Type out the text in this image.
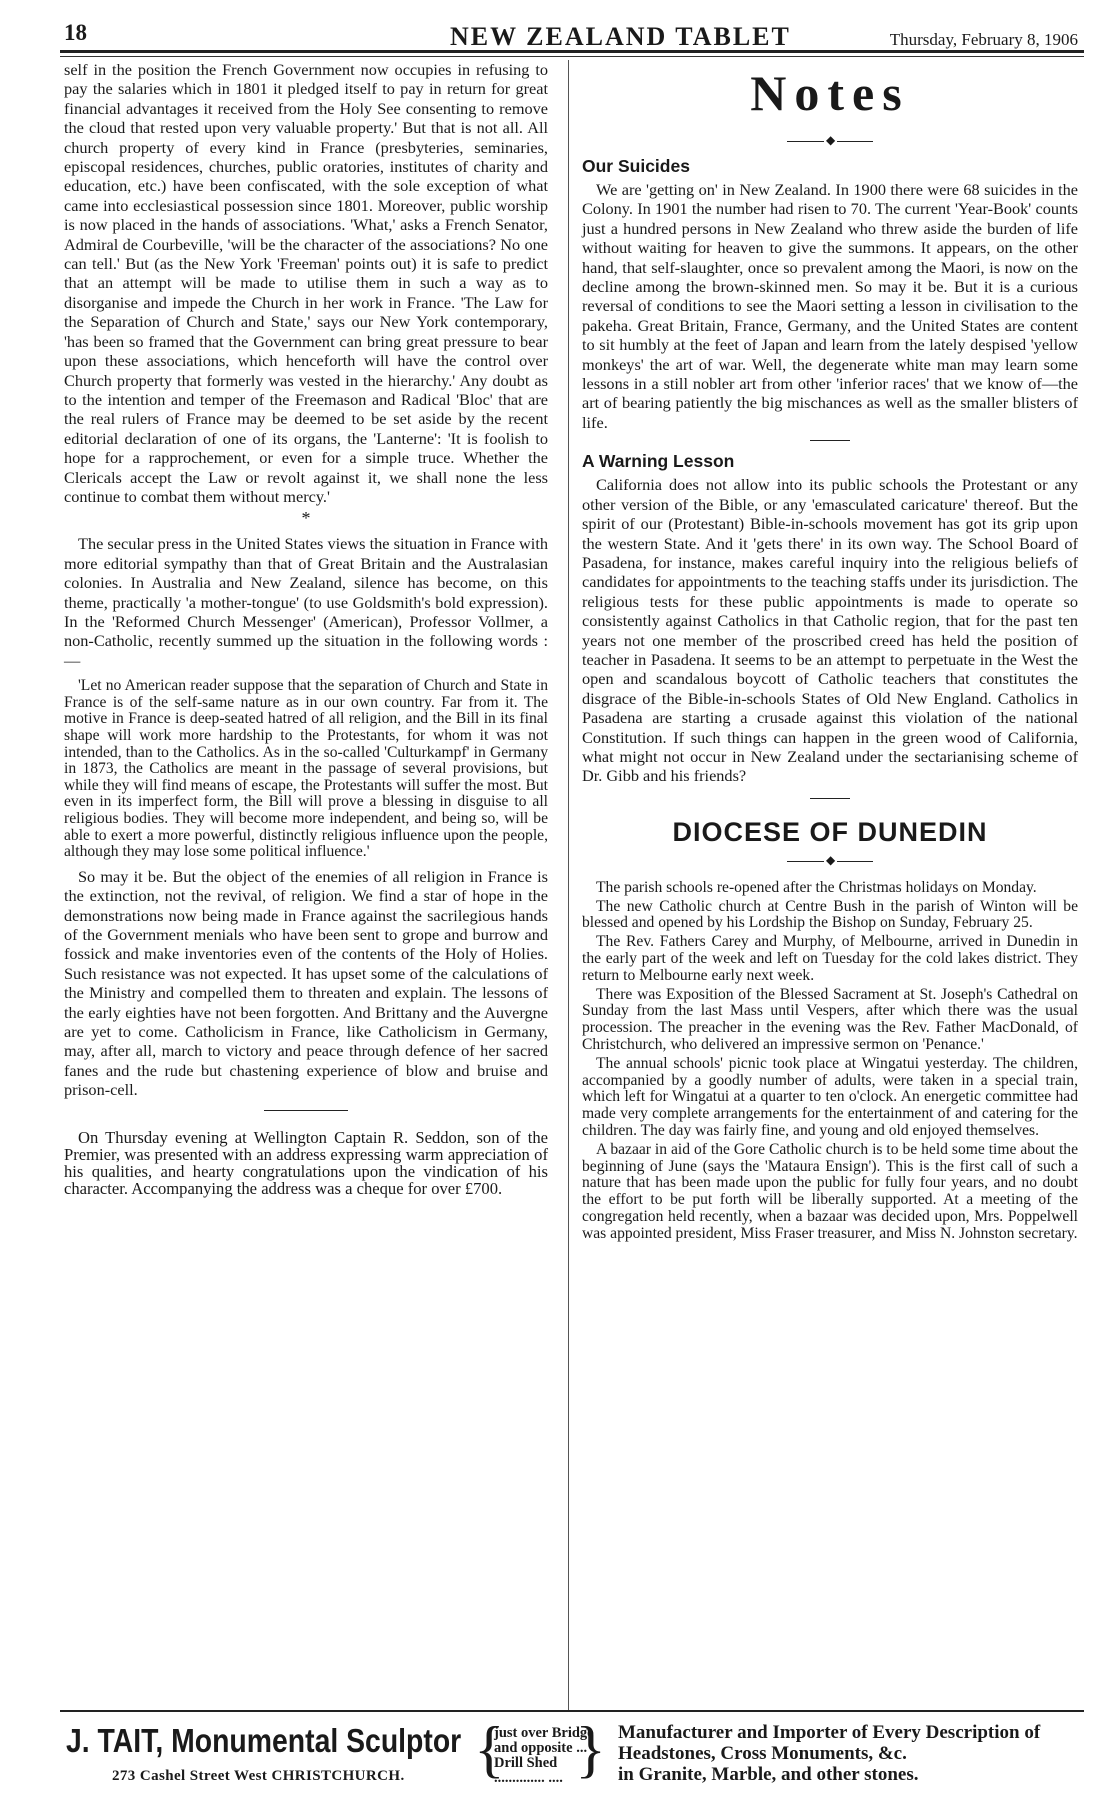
18	NEW ZEALAND TABLET	Thursday, February 8, 1906

self in the position the French Government now occupies in refusing to pay the salaries which in 1801 it pledged itself to pay in return for great financial advantages it received from the Holy See consenting to remove the cloud that rested upon very valuable property.' But that is not all. All church property of every kind in France (presbyteries, seminaries, episcopal residences, churches, public oratories, institutes of charity and education, etc.) have been confiscated, with the sole exception of what came into ecclesiastical possession since 1801. Moreover, public worship is now placed in the hands of associations. 'What,' asks a French Senator, Admiral de Courbeville, 'will be the character of the associations? No one can tell.' But (as the New York 'Freeman' points out) it is safe to predict that an attempt will be made to utilise them in such a way as to disorganise and impede the Church in her work in France. 'The Law for the Separation of Church and State,' says our New York contemporary, 'has been so framed that the Government can bring great pressure to bear upon these associations, which henceforth will have the control over Church property that formerly was vested in the hierarchy.' Any doubt as to the intention and temper of the Freemason and Radical 'Bloc' that are the real rulers of France may be deemed to be set aside by the recent editorial declaration of one of its organs, the 'Lanterne': 'It is foolish to hope for a rapprochement, or even for a simple truce. Whether the Clericals accept the Law or revolt against it, we shall none the less continue to combat them without mercy.'

*

The secular press in the United States views the situation in France with more editorial sympathy than that of Great Britain and the Australasian colonies. In Australia and New Zealand, silence has become, on this theme, practically 'a mother-tongue' (to use Goldsmith's bold expression). In the 'Reformed Church Messenger' (American), Professor Vollmer, a non-Catholic, recently summed up the situation in the following words :—

'Let no American reader suppose that the separation of Church and State in France is of the self-same nature as in our own country. Far from it. The motive in France is deep-seated hatred of all religion, and the Bill in its final shape will work more hardship to the Protestants, for whom it was not intended, than to the Catholics. As in the so-called 'Culturkampf' in Germany in 1873, the Catholics are meant in the passage of several provisions, but while they will find means of escape, the Protestants will suffer the most. But even in its imperfect form, the Bill will prove a blessing in disguise to all religious bodies. They will become more independent, and being so, will be able to exert a more powerful, distinctly religious influence upon the people, although they may lose some political influence.'

So may it be. But the object of the enemies of all religion in France is the extinction, not the revival, of religion. We find a star of hope in the demonstrations now being made in France against the sacrilegious hands of the Government menials who have been sent to grope and burrow and fossick and make inventories even of the contents of the Holy of Holies. Such resistance was not expected. It has upset some of the calculations of the Ministry and compelled them to threaten and explain. The lessons of the early eighties have not been forgotten. And Brittany and the Auvergne are yet to come. Catholicism in France, like Catholicism in Germany, may, after all, march to victory and peace through defence of her sacred fanes and the rude but chastening experience of blow and bruise and prison-cell.

On Thursday evening at Wellington Captain R. Seddon, son of the Premier, was presented with an address expressing warm appreciation of his qualities, and hearty congratulations upon the vindication of his character. Accompanying the address was a cheque for over £700.

Notes
◆
Our Suicides

We are 'getting on' in New Zealand. In 1900 there were 68 suicides in the Colony. In 1901 the number had risen to 70. The current 'Year-Book' counts just a hundred persons in New Zealand who threw aside the burden of life without waiting for heaven to give the summons. It appears, on the other hand, that self-slaughter, once so prevalent among the Maori, is now on the decline among the brown-skinned men. So may it be. But it is a curious reversal of conditions to see the Maori setting a lesson in civilisation to the pakeha. Great Britain, France, Germany, and the United States are content to sit humbly at the feet of Japan and learn from the lately despised 'yellow monkeys' the art of war. Well, the degenerate white man may learn some lessons in a still nobler art from other 'inferior races' that we know of—the art of bearing patiently the big mischances as well as the smaller blisters of life.

A Warning Lesson

California does not allow into its public schools the Protestant or any other version of the Bible, or any 'emasculated caricature' thereof. But the spirit of our (Protestant) Bible-in-schools movement has got its grip upon the western State. And it 'gets there' in its own way. The School Board of Pasadena, for instance, makes careful inquiry into the religious beliefs of candidates for appointments to the teaching staffs under its jurisdiction. The religious tests for these public appointments is made to operate so consistently against Catholics in that Catholic region, that for the past ten years not one member of the proscribed creed has held the position of teacher in Pasadena. It seems to be an attempt to perpetuate in the West the open and scandalous boycott of Catholic teachers that constitutes the disgrace of the Bible-in-schools States of Old New England. Catholics in Pasadena are starting a crusade against this violation of the national Constitution. If such things can happen in the green wood of California, what might not occur in New Zealand under the sectarianising scheme of Dr. Gibb and his friends?

DIOCESE OF DUNEDIN
◆

The parish schools re-opened after the Christmas holidays on Monday.

The new Catholic church at Centre Bush in the parish of Winton will be blessed and opened by his Lordship the Bishop on Sunday, February 25.

The Rev. Fathers Carey and Murphy, of Melbourne, arrived in Dunedin in the early part of the week and left on Tuesday for the cold lakes district. They return to Melbourne early next week.

There was Exposition of the Blessed Sacrament at St. Joseph's Cathedral on Sunday from the last Mass until Vespers, after which there was the usual procession. The preacher in the evening was the Rev. Father MacDonald, of Christchurch, who delivered an impressive sermon on 'Penance.'

The annual schools' picnic took place at Wingatui yesterday. The children, accompanied by a goodly number of adults, were taken in a special train, which left for Wingatui at a quarter to ten o'clock. An energetic committee had made very complete arrangements for the entertainment of and catering for the children. The day was fairly fine, and young and old enjoyed themselves.

A bazaar in aid of the Gore Catholic church is to be held some time about the beginning of June (says the 'Mataura Ensign'). This is the first call of such a nature that has been made upon the public for fully four years, and no doubt the effort to be put forth will be liberally supported. At a meeting of the congregation held recently, when a bazaar was decided upon, Mrs. Poppelwell was appointed president, Miss Fraser treasurer, and Miss N. Johnston secretary.

J. TAIT, Monumental Sculptor
273 Cashel Street West CHRISTCHURCH. {
just over Bridge
and opposite ...
Drill Shed
.............. .... } Manufacturer and Importer of Every Description of Headstones, Cross Monuments, &c.
in Granite, Marble, and other stones.
